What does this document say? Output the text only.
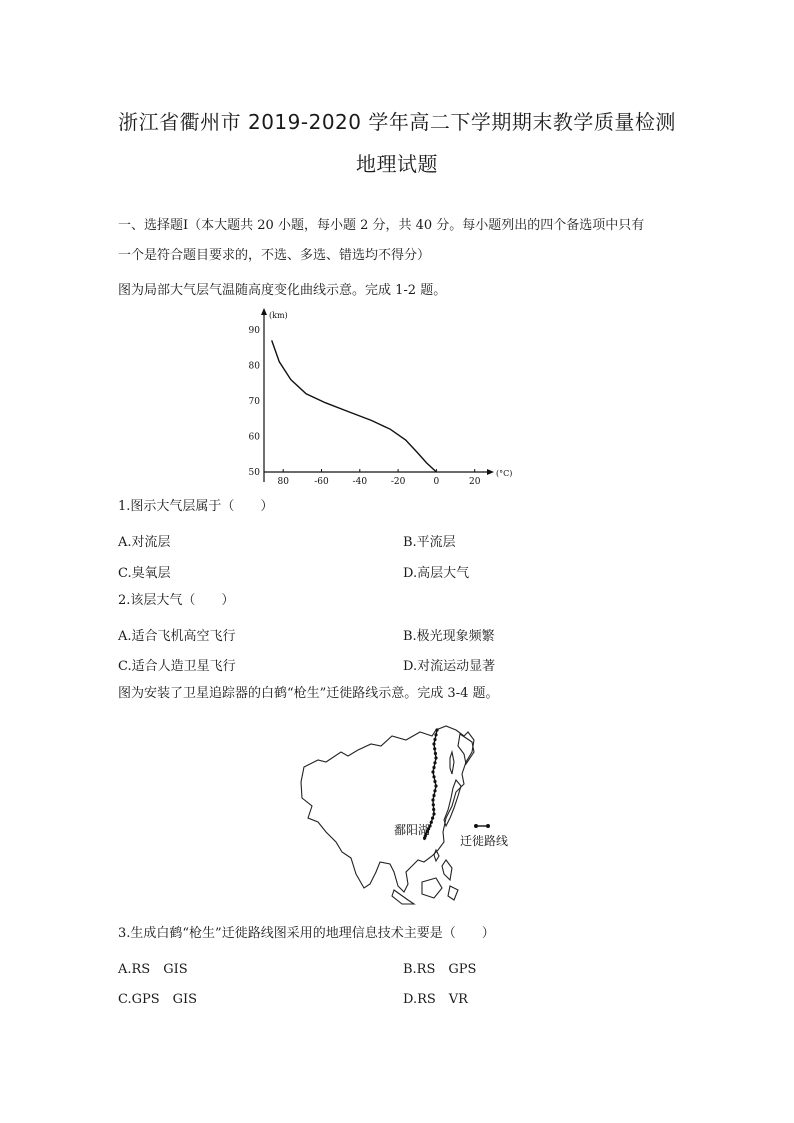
浙江省衢州市 2019-2020 学年高二下学期期末教学质量检测
地理试题
一、选择题Ⅰ（本大题共 20 小题，每小题 2 分，共 40 分。每小题列出的四个备选项中只有
一个是符合题目要求的，不选、多选、错选均不得分）
图为局部大气层气温随高度变化曲线示意。完成 1-2 题。
(km)
(°C)
90
80
70
60
50
80	-60	-40	-20	0	20
1.图示大气层属于（　　）
A.对流层	B.平流层
C.臭氧层	D.高层大气
2.该层大气（　　）
A.适合飞机高空飞行	B.极光现象频繁
C.适合人造卫星飞行	D.对流运动显著
图为安装了卫星追踪器的白鹤“枪生”迁徙路线示意。完成 3-4 题。
迁徙路线
鄱阳湖
3.生成白鹤“枪生”迁徙路线图采用的地理信息技术主要是（　　）
A.RS　GIS	B.RS　GPS
C.GPS　GIS	D.RS　VR
